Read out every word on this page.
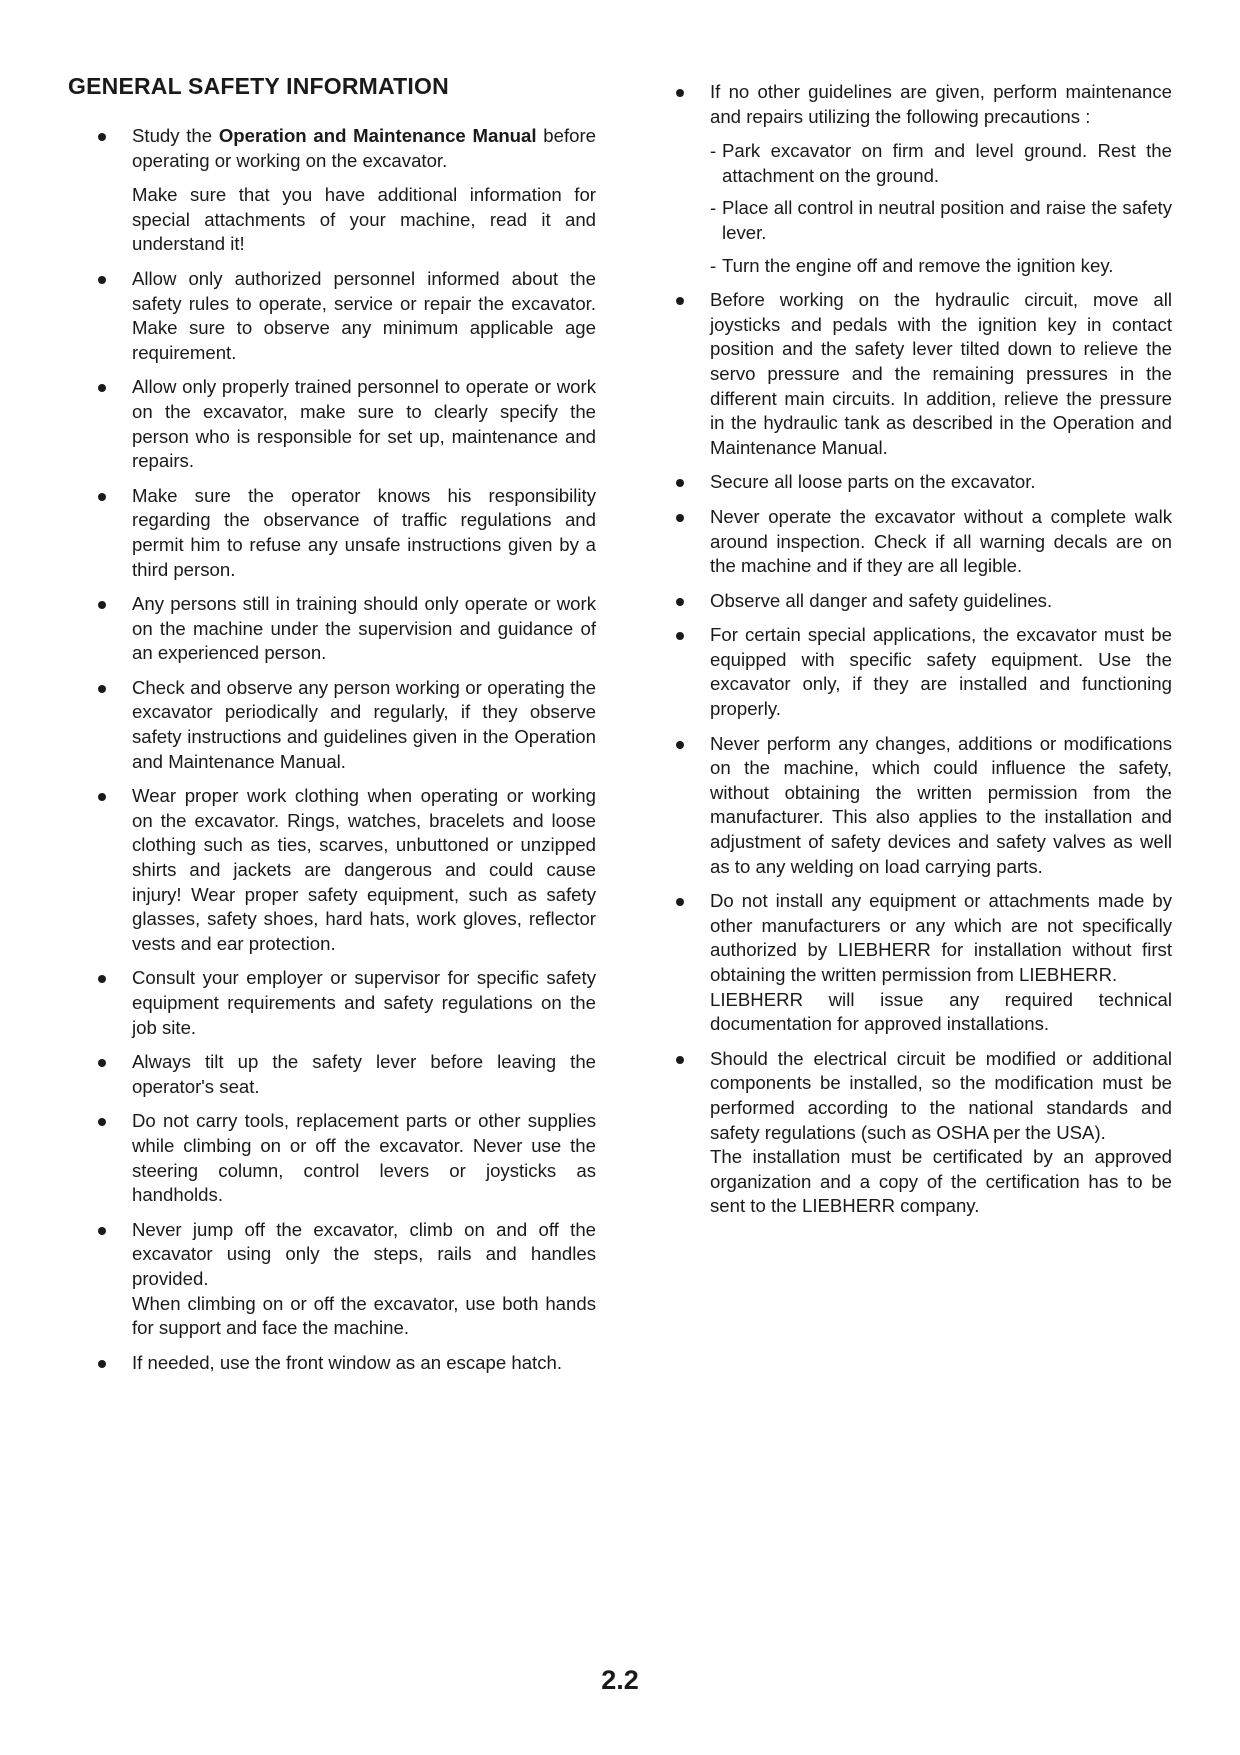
GENERAL SAFETY INFORMATION
Study the Operation and Maintenance Manual before operating or working on the excavator.
Make sure that you have additional information for special attachments of your machine, read it and understand it!
Allow only authorized personnel informed about the safety rules to operate, service or repair the excavator. Make sure to observe any minimum applicable age requirement.
Allow only properly trained personnel to operate or work on the excavator, make sure to clearly specify the person who is responsible for set up, maintenance and repairs.
Make sure the operator knows his responsibility regarding the observance of traffic regulations and permit him to refuse any unsafe instructions given by a third person.
Any persons still in training should only operate or work on the machine under the supervision and guidance of an experienced person.
Check and observe any person working or operating the excavator periodically and regularly, if they observe safety instructions and guidelines given in the Operation and Maintenance Manual.
Wear proper work clothing when operating or working on the excavator. Rings, watches, bracelets and loose clothing such as ties, scarves, unbuttoned or unzipped shirts and jackets are dangerous and could cause injury! Wear proper safety equipment, such as safety glasses, safety shoes, hard hats, work gloves, reflector vests and ear protection.
Consult your employer or supervisor for specific safety equipment requirements and safety regulations on the job site.
Always tilt up the safety lever before leaving the operator's seat.
Do not carry tools, replacement parts or other supplies while climbing on or off the excavator. Never use the steering column, control levers or joysticks as handholds.
Never jump off the excavator, climb on and off the excavator using only the steps, rails and handles provided.
When climbing on or off the excavator, use both hands for support and face the machine.
If needed, use the front window as an escape hatch.
If no other guidelines are given, perform maintenance and repairs utilizing the following precautions :
- Park excavator on firm and level ground. Rest the attachment on the ground.
- Place all control in neutral position and raise the safety lever.
- Turn the engine off and remove the ignition key.
Before working on the hydraulic circuit, move all joysticks and pedals with the ignition key in contact position and the safety lever tilted down to relieve the servo pressure and the remaining pressures in the different main circuits. In addition, relieve the pressure in the hydraulic tank as described in the Operation and Maintenance Manual.
Secure all loose parts on the excavator.
Never operate the excavator without a complete walk around inspection. Check if all warning decals are on the machine and if they are all legible.
Observe all danger and safety guidelines.
For certain special applications, the excavator must be equipped with specific safety equipment. Use the excavator only, if they are installed and functioning properly.
Never perform any changes, additions or modifications on the machine, which could influence the safety, without obtaining the written permission from the manufacturer. This also applies to the installation and adjustment of safety devices and safety valves as well as to any welding on load carrying parts.
Do not install any equipment or attachments made by other manufacturers or any which are not specifically authorized by LIEBHERR for installation without first obtaining the written permission from LIEBHERR.
LIEBHERR will issue any required technical documentation for approved installations.
Should the electrical circuit be modified or additional components be installed, so the modification must be performed according to the national standards and safety regulations (such as OSHA per the USA).
The installation must be certificated by an approved organization and a copy of the certification has to be sent to the LIEBHERR company.

2.2
